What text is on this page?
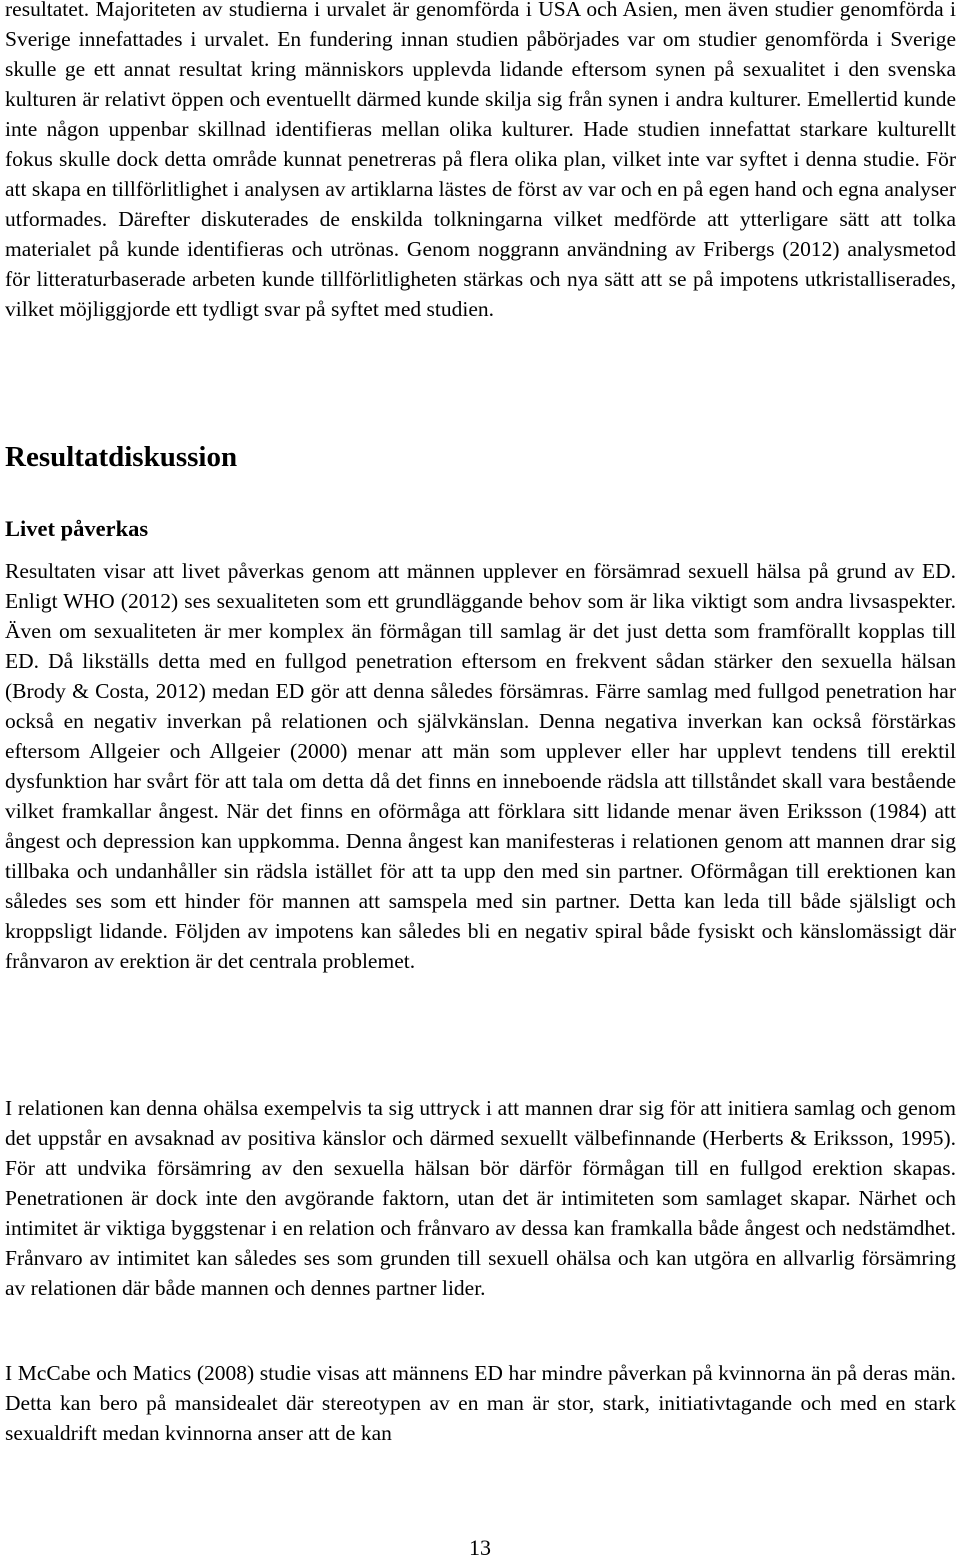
resultatet. Majoriteten av studierna i urvalet är genomförda i USA och Asien, men även studier genomförda i Sverige innefattades i urvalet. En fundering innan studien påbörjades var om studier genomförda i Sverige skulle ge ett annat resultat kring människors upplevda lidande eftersom synen på sexualitet i den svenska kulturen är relativt öppen och eventuellt därmed kunde skilja sig från synen i andra kulturer. Emellertid kunde inte någon uppenbar skillnad identifieras mellan olika kulturer. Hade studien innefattat starkare kulturellt fokus skulle dock detta område kunnat penetreras på flera olika plan, vilket inte var syftet i denna studie. För att skapa en tillförlitlighet i analysen av artiklarna lästes de först av var och en på egen hand och egna analyser utformades. Därefter diskuterades de enskilda tolkningarna vilket medförde att ytterligare sätt att tolka materialet på kunde identifieras och utrönas. Genom noggrann användning av Fribergs (2012) analysmetod för litteraturbaserade arbeten kunde tillförlitligheten stärkas och nya sätt att se på impotens utkristalliserades, vilket möjliggjorde ett tydligt svar på syftet med studien.

Resultatdiskussion
Livet påverkas

Resultaten visar att livet påverkas genom att männen upplever en försämrad sexuell hälsa på grund av ED. Enligt WHO (2012) ses sexualiteten som ett grundläggande behov som är lika viktigt som andra livsaspekter. Även om sexualiteten är mer komplex än förmågan till samlag är det just detta som framförallt kopplas till ED. Då likställs detta med en fullgod penetration eftersom en frekvent sådan stärker den sexuella hälsan (Brody & Costa, 2012) medan ED gör att denna således försämras. Färre samlag med fullgod penetration har också en negativ inverkan på relationen och självkänslan. Denna negativa inverkan kan också förstärkas eftersom Allgeier och Allgeier (2000) menar att män som upplever eller har upplevt tendens till erektil dysfunktion har svårt för att tala om detta då det finns en inneboende rädsla att tillståndet skall vara bestående vilket framkallar ångest. När det finns en oförmåga att förklara sitt lidande menar även Eriksson (1984) att ångest och depression kan uppkomma. Denna ångest kan manifesteras i relationen genom att mannen drar sig tillbaka och undanhåller sin rädsla istället för att ta upp den med sin partner. Oförmågan till erektionen kan således ses som ett hinder för mannen att samspela med sin partner. Detta kan leda till både själsligt och kroppsligt lidande. Följden av impotens kan således bli en negativ spiral både fysiskt och känslomässigt där frånvaron av erektion är det centrala problemet.

I relationen kan denna ohälsa exempelvis ta sig uttryck i att mannen drar sig för att initiera samlag och genom det uppstår en avsaknad av positiva känslor och därmed sexuellt välbefinnande (Herberts & Eriksson, 1995). För att undvika försämring av den sexuella hälsan bör därför förmågan till en fullgod erektion skapas. Penetrationen är dock inte den avgörande faktorn, utan det är intimiteten som samlaget skapar. Närhet och intimitet är viktiga byggstenar i en relation och frånvaro av dessa kan framkalla både ångest och nedstämdhet. Frånvaro av intimitet kan således ses som grunden till sexuell ohälsa och kan utgöra en allvarlig försämring av relationen där både mannen och dennes partner lider.

I McCabe och Matics (2008) studie visas att männens ED har mindre påverkan på kvinnorna än på deras män. Detta kan bero på mansidealet där stereotypen av en man är stor, stark, initiativtagande och med en stark sexualdrift medan kvinnorna anser att de kan

13
